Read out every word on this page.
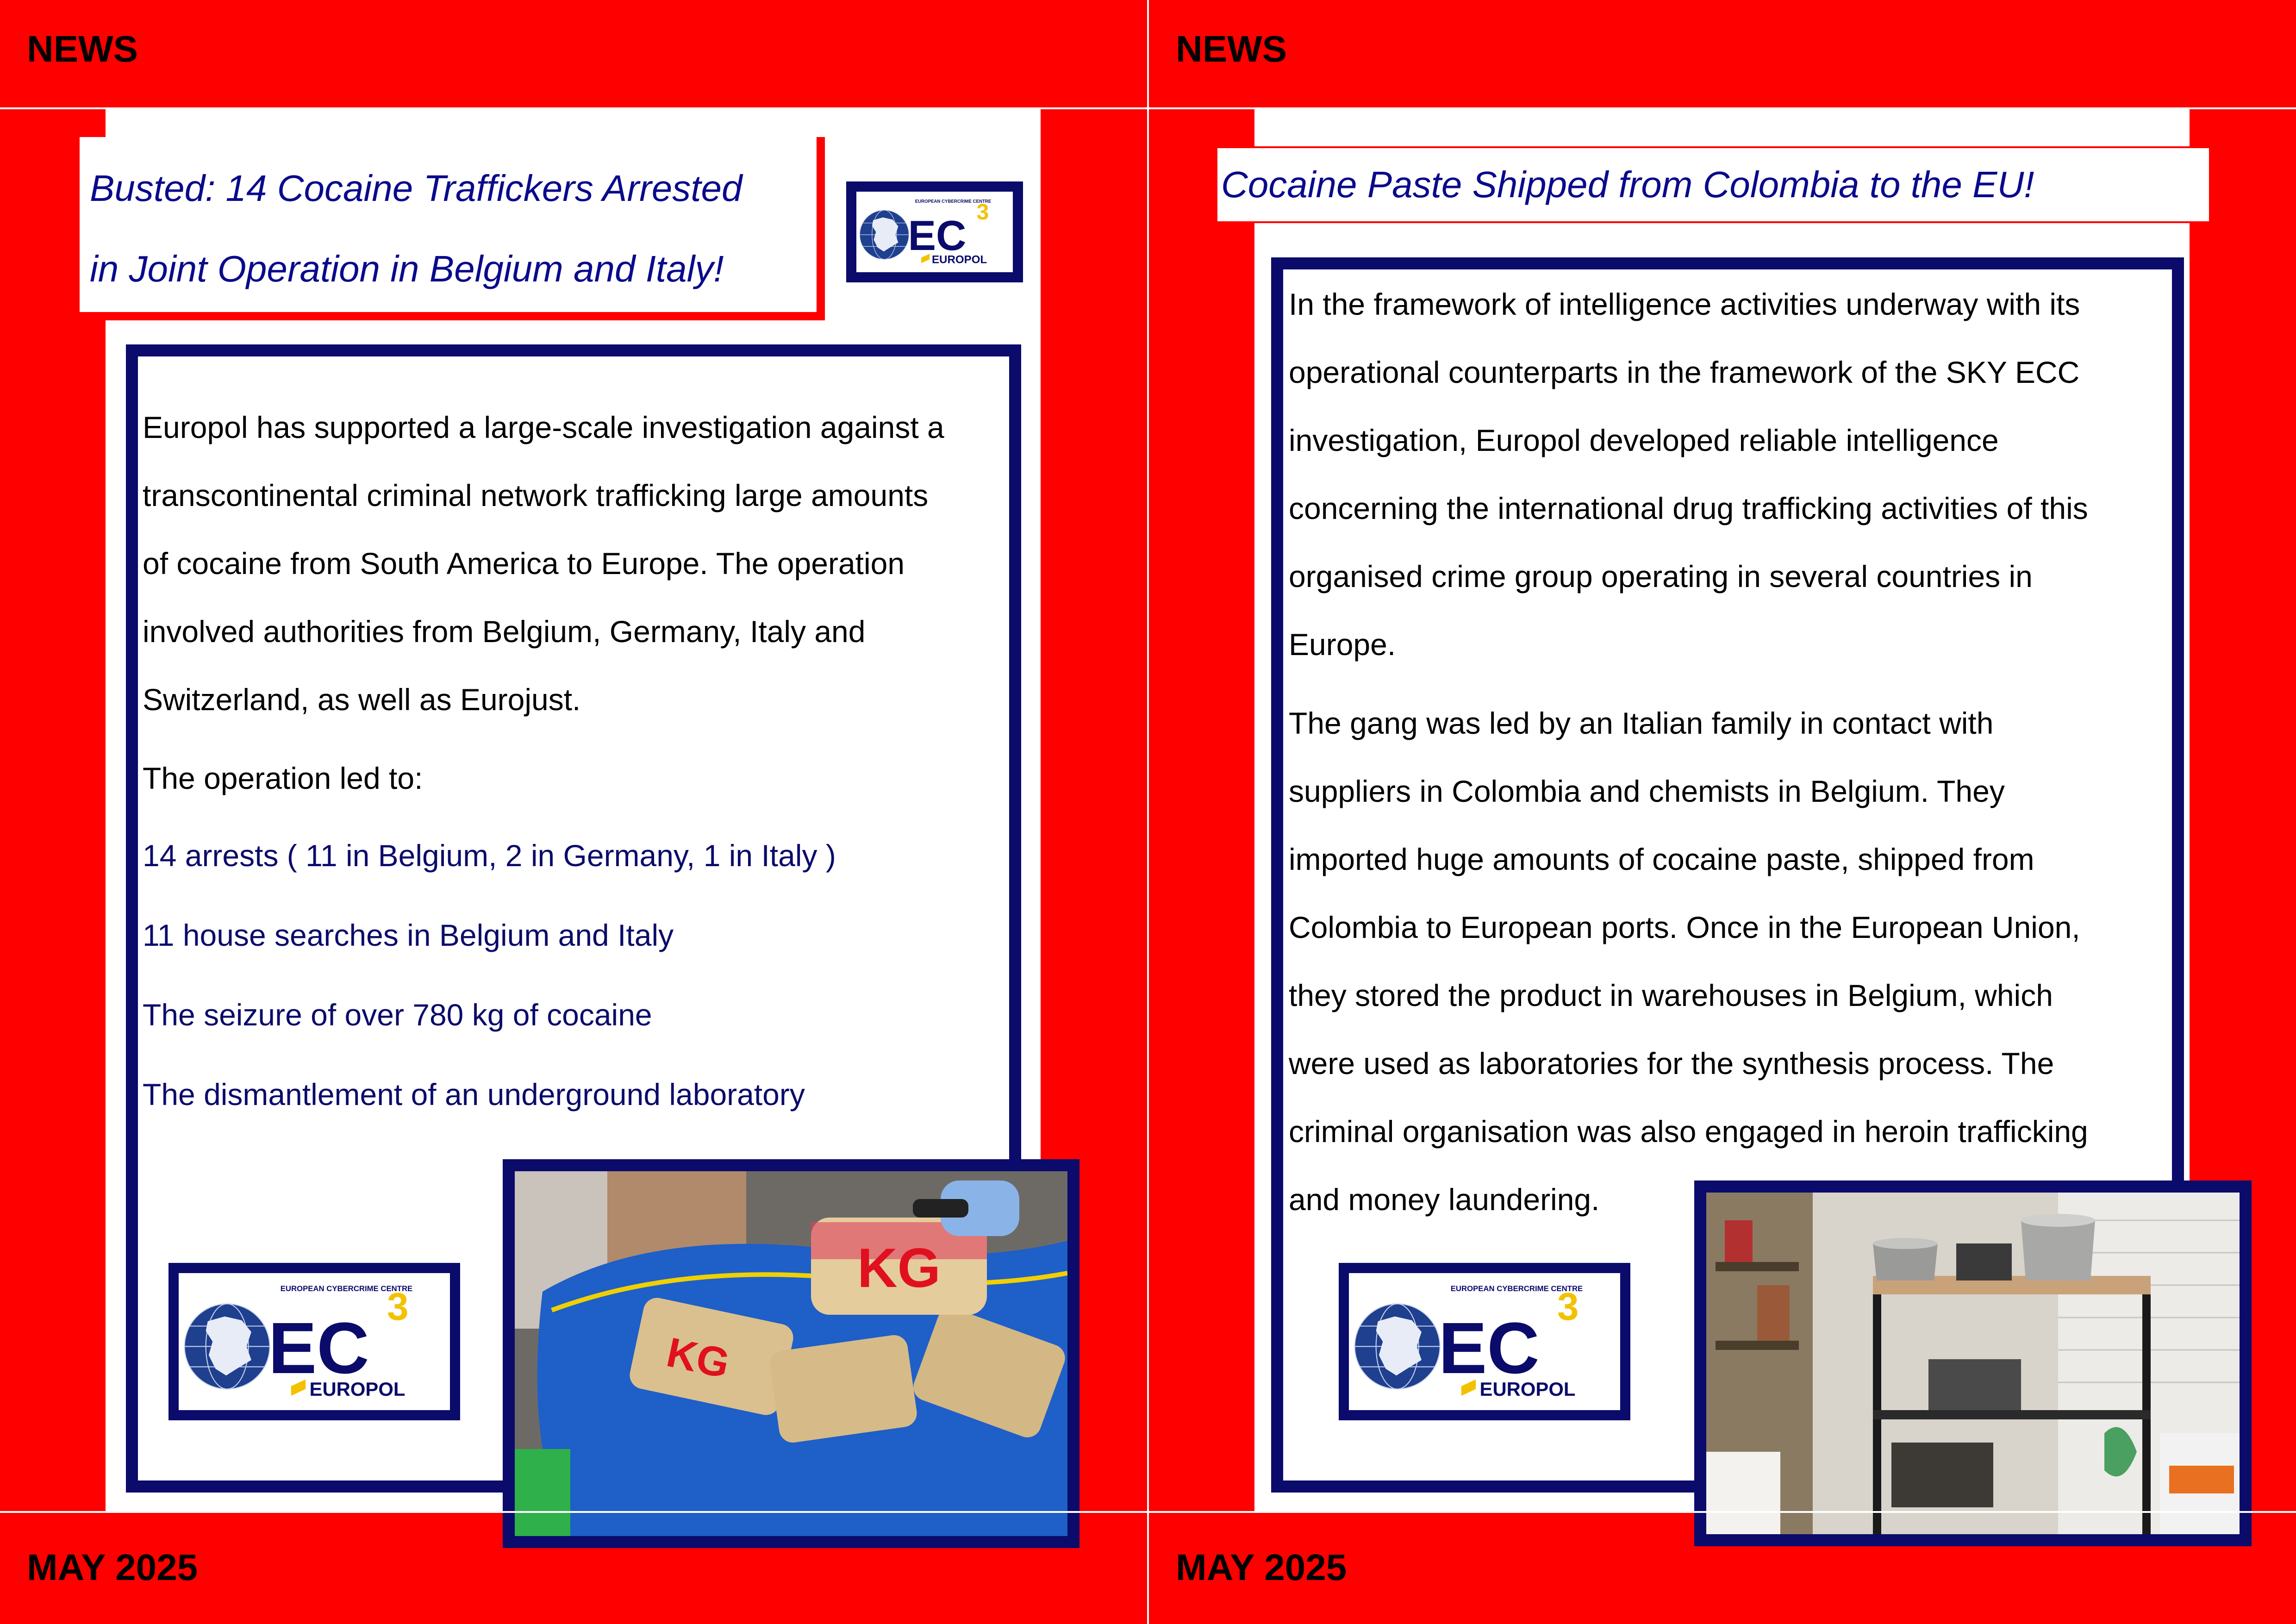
NEWS
Busted: 14 Cocaine Traffickers Arrested
in Joint Operation in Belgium and Italy!
Europol has supported a large-scale investigation against a
transcontinental criminal network trafficking large amounts
of cocaine from South America to Europe. The operation
involved authorities from Belgium, Germany, Italy and
Switzerland, as well as Eurojust.
The operation led to:
14 arrests ( 11 in Belgium, 2 in Germany, 1 in Italy )
11 house searches in Belgium and Italy
The seizure of over 780 kg of cocaine
The dismantlement of an underground laboratory
KG
KG
MAY 2025
NEWS
Cocaine Paste Shipped from Colombia to the EU!
In the framework of intelligence activities underway with its
operational counterparts in the framework of the SKY ECC
investigation, Europol developed reliable intelligence
concerning the international drug trafficking activities of this
organised crime group operating in several countries in
Europe.
The gang was led by an Italian family in contact with
suppliers in Colombia and chemists in Belgium. They
imported huge amounts of cocaine paste, shipped from
Colombia to European ports. Once in the European Union,
they stored the product in warehouses in Belgium, which
were used as laboratories for the synthesis process. The
criminal organisation was also engaged in heroin trafficking
and money laundering.
MAY 2025
